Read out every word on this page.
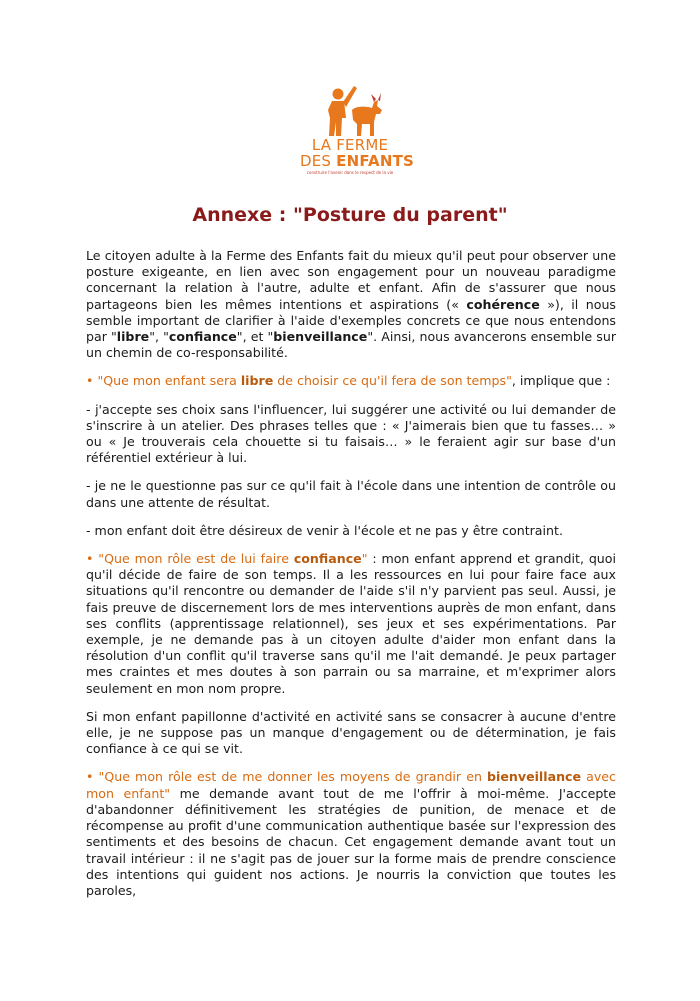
LA FERME
DES ENFANTS
construire l'avenir dans le respect de la vie
Annexe : "Posture du parent"

Le citoyen adulte à la Ferme des Enfants fait du mieux qu'il peut pour observer une posture exigeante, en lien avec son engagement pour un nouveau paradigme concernant la relation à l'autre, adulte et enfant. Afin de s'assurer que nous partageons bien les mêmes intentions et aspirations (« cohérence »), il nous semble important de clarifier à l'aide d'exemples concrets ce que nous entendons par "libre", "confiance", et "bienveillance". Ainsi, nous avancerons ensemble sur un chemin de co-responsabilité.

• "Que mon enfant sera libre de choisir ce qu'il fera de son temps", implique que :

- j'accepte ses choix sans l'influencer, lui suggérer une activité ou lui demander de s'inscrire à un atelier. Des phrases telles que : « J'aimerais bien que tu fasses… » ou « Je trouverais cela chouette si tu faisais… » le feraient agir sur base d'un référentiel extérieur à lui.

- je ne le questionne pas sur ce qu'il fait à l'école dans une intention de contrôle ou dans une attente de résultat.

- mon enfant doit être désireux de venir à l'école et ne pas y être contraint.

• "Que mon rôle est de lui faire confiance" : mon enfant apprend et grandit, quoi qu'il décide de faire de son temps. Il a les ressources en lui pour faire face aux situations qu'il rencontre ou demander de l'aide s'il n'y parvient pas seul. Aussi, je fais preuve de discernement lors de mes interventions auprès de mon enfant, dans ses conflits (apprentissage relationnel), ses jeux et ses expérimentations. Par exemple, je ne demande pas à un citoyen adulte d'aider mon enfant dans la résolution d'un conflit qu'il traverse sans qu'il me l'ait demandé. Je peux partager mes craintes et mes doutes à son parrain ou sa marraine, et m'exprimer alors seulement en mon nom propre.

Si mon enfant papillonne d'activité en activité sans se consacrer à aucune d'entre elle, je ne suppose pas un manque d'engagement ou de détermination, je fais confiance à ce qui se vit.

• "Que mon rôle est de me donner les moyens de grandir en bienveillance avec mon enfant" me demande avant tout de me l'offrir à moi-même. J'accepte d'abandonner définitivement les stratégies de punition, de menace et de récompense au profit d'une communication authentique basée sur l'expression des sentiments et des besoins de chacun. Cet engagement demande avant tout un travail intérieur : il ne s'agit pas de jouer sur la forme mais de prendre conscience des intentions qui guident nos actions. Je nourris la conviction que toutes les paroles,
